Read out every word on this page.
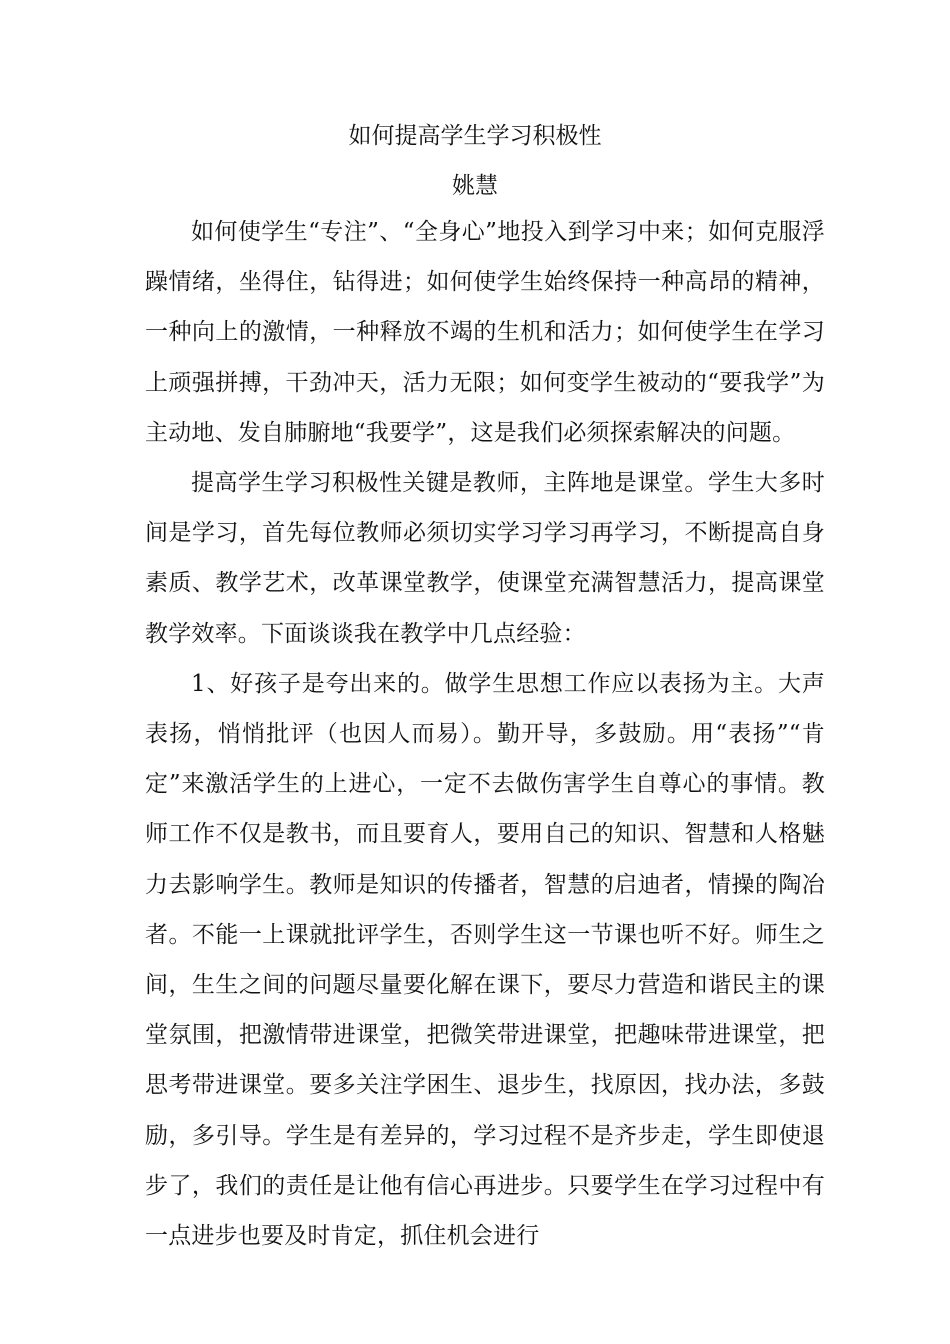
如何提高学生学习积极性
姚慧

如何使学生“专注”、“全身心”地投入到学习中来；如何克服浮躁情绪，坐得住，钻得进；如何使学生始终保持一种高昂的精神，一种向上的激情，一种释放不竭的生机和活力；如何使学生在学习上顽强拼搏，干劲冲天，活力无限；如何变学生被动的“要我学”为主动地、发自肺腑地“我要学”，这是我们必须探索解决的问题。

提高学生学习积极性关键是教师，主阵地是课堂。学生大多时间是学习，首先每位教师必须切实学习学习再学习，不断提高自身素质、教学艺术，改革课堂教学，使课堂充满智慧活力，提高课堂教学效率。下面谈谈我在教学中几点经验：

1、好孩子是夸出来的。做学生思想工作应以表扬为主。大声表扬，悄悄批评（也因人而易）。勤开导，多鼓励。用“表扬”“肯定”来激活学生的上进心，一定不去做伤害学生自尊心的事情。教师工作不仅是教书，而且要育人，要用自己的知识、智慧和人格魅力去影响学生。教师是知识的传播者，智慧的启迪者，情操的陶冶者。不能一上课就批评学生，否则学生这一节课也听不好。师生之间，生生之间的问题尽量要化解在课下，要尽力营造和谐民主的课堂氛围，把激情带进课堂，把微笑带进课堂，把趣味带进课堂，把思考带进课堂。要多关注学困生、退步生，找原因，找办法，多鼓励，多引导。学生是有差异的，学习过程不是齐步走，学生即使退步了，我们的责任是让他有信心再进步。只要学生在学习过程中有一点进步也要及时肯定，抓住机会进行
